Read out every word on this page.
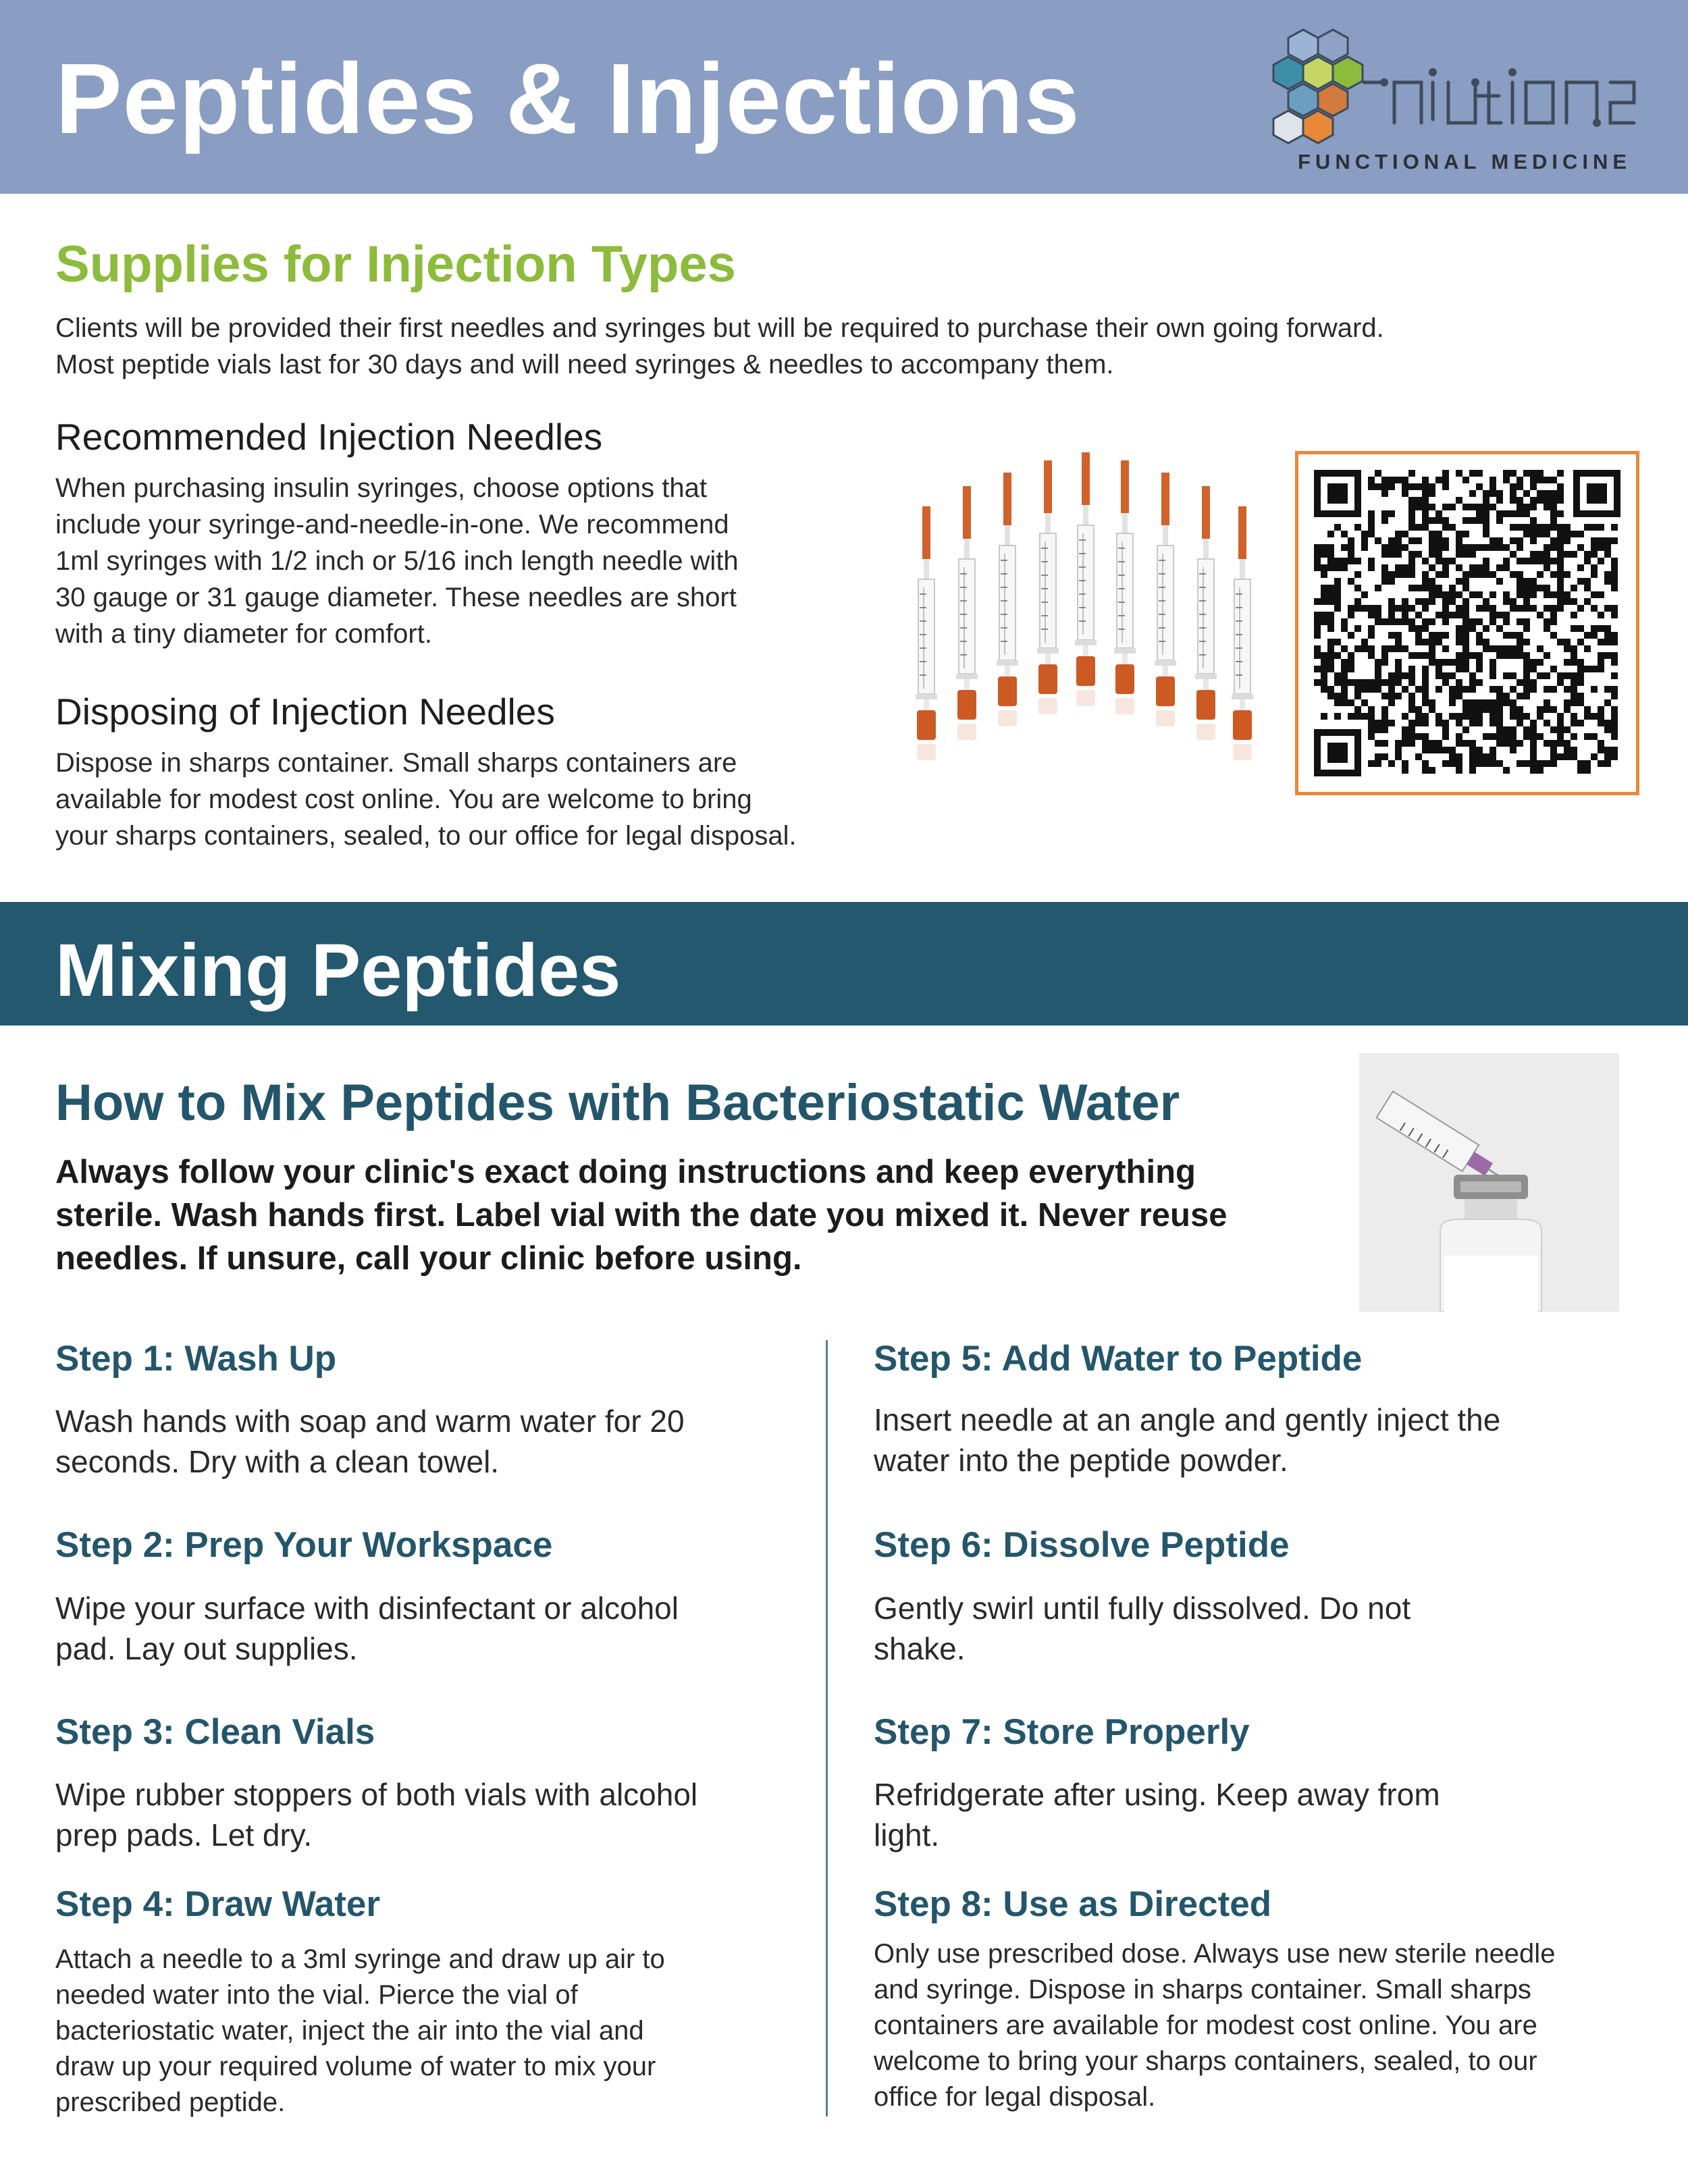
Peptides & Injections
FUNCTIONAL MEDICINE
Supplies for Injection Types
Clients will be provided their first needles and syringes but will be required to purchase their own going forward.
Most peptide vials last for 30 days and will need syringes & needles to accompany them.
Recommended Injection Needles
When purchasing insulin syringes, choose options that
include your syringe-and-needle-in-one. We recommend
1ml syringes with 1/2 inch or 5/16 inch length needle with
30 gauge or 31 gauge diameter. These needles are short
with a tiny diameter for comfort.
Disposing of Injection Needles
Dispose in sharps container. Small sharps containers are
available for modest cost online. You are welcome to bring
your sharps containers, sealed, to our office for legal disposal.
Mixing Peptides
How to Mix Peptides with Bacteriostatic Water
Always follow your clinic's exact doing instructions and keep everything
sterile. Wash hands first. Label vial with the date you mixed it. Never reuse
needles. If unsure, call your clinic before using.
Step 1: Wash Up
Wash hands with soap and warm water for 20
seconds. Dry with a clean towel.
Step 2: Prep Your Workspace
Wipe your surface with disinfectant or alcohol
pad. Lay out supplies.
Step 3: Clean Vials
Wipe rubber stoppers of both vials with alcohol
prep pads. Let dry.
Step 4: Draw Water
Attach a needle to a 3ml syringe and draw up air to
needed water into the vial. Pierce the vial of
bacteriostatic water, inject the air into the vial and
draw up your required volume of water to mix your
prescribed peptide.
Step 5: Add Water to Peptide
Insert needle at an angle and gently inject the
water into the peptide powder.
Step 6: Dissolve Peptide
Gently swirl until fully dissolved. Do not
shake.
Step 7: Store Properly
Refridgerate after using. Keep away from
light.
Step 8: Use as Directed
Only use prescribed dose. Always use new sterile needle
and syringe. Dispose in sharps container. Small sharps
containers are available for modest cost online. You are
welcome to bring your sharps containers, sealed, to our
office for legal disposal.
